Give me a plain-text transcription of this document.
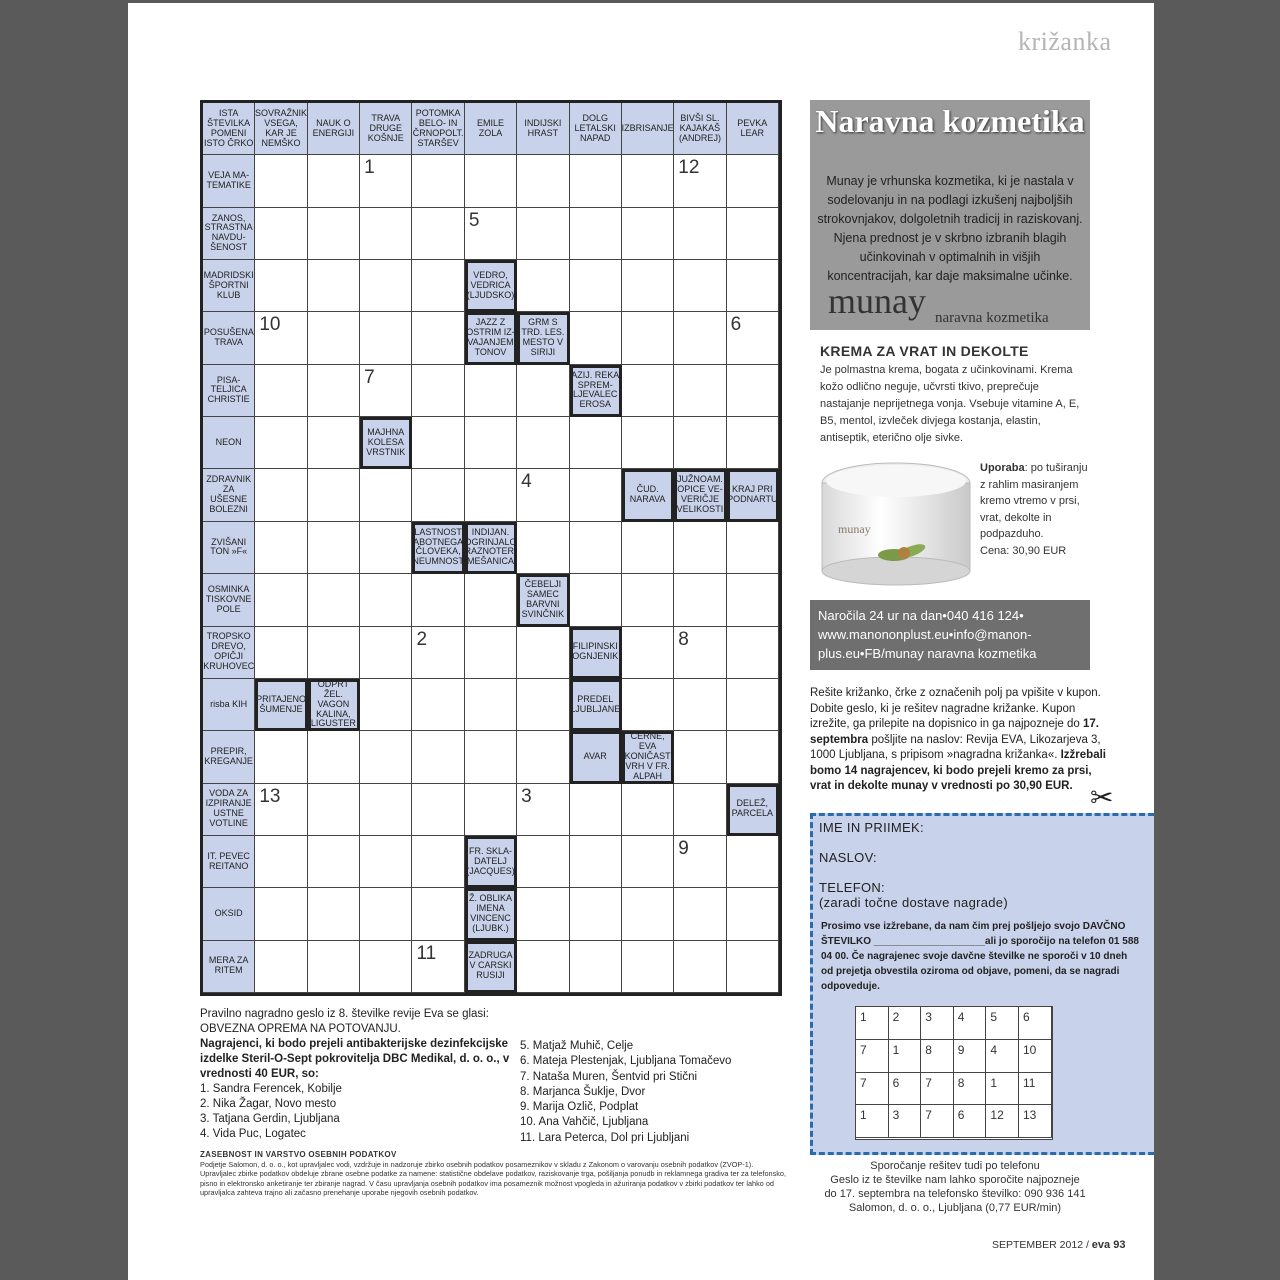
križanka
ISTA ŠTEVILKA POMENI ISTO ČRKO
SOVRAŽNIK VSEGA, KAR JE NEMŠKO
NAUK O ENERGIJI
TRAVA DRUGE KOŠNJE
POTOMKA BELO- IN ČRNOPOLT. STARŠEV
EMILE ZOLA
INDIJSKI HRAST
DOLG LETALSKI NAPAD
IZBRISANJE
BIVŠI SL. KAJAKAŠ (ANDREJ)
PEVKA LEAR
VEJA MA-TEMATIKE
1	12
ZANOS, STRASTNA NAVDU-ŠENOST
5
MADRIDSKI ŠPORTNI KLUB
VEDRO, VEDRICA (LJUDSKO)
POSUŠENA TRAVA
10	JAZZ Z OSTRIM IZ-VAJANJEM TONOV
GRM S TRD. LES. MESTO V SIRIJI
6
PISA-TELJICA CHRISTIE
7	AZIJ. REKA SPREM-LJEVALEC EROSA
NEON
MAJHNA KOLESA VRSTNIK
ZDRAVNIK ZA UŠESNE BOLEZNI
4	ČUD. NARAVA
JUŽNOAM. OPICE VE-VERIČJE VELIKOSTI
KRAJ PRI PODNARTU
ZVIŠANI TON »F«
LASTNOST ABOTNEGA ČLOVEKA, NEUMNOST
INDIJAN. OGRINJALO RAZNOTER. MEŠANICA
OSMINKA TISKOVNE POLE
ČEBELJI SAMEC BARVNI SVINČNIK
TROPSKO DREVO, OPIČJI KRUHOVEC
2	FILIPINSKI OGNJENIK
8
risba KIH PRITAJENO ŠUMENJE
ODPRT ŽEL. VAGON KALINA, LIGUSTER
PREDEL LJUBLJANE
PREPIR, KREGANJE	AVAR
ČERNE, EVA KONIČAST VRH V FR. ALPAH
VODA ZA IZPIRANJE USTNE VOTLINE
13	3	DELEŽ, PARCELA
IT. PEVEC REITANO
FR. SKLA-DATELJ (JACQUES)
9
OKSID
Ž. OBLIKA IMENA VINCENC (LJUBK.)
MERA ZA RITEM
11	ZADRUGA V CARSKI RUSIJI
Naravna kozmetika
Munay je vrhunska kozmetika, ki je nastala v sodelovanju in na podlagi izkušenj najboljših strokovnjakov, dolgoletnih tradicij in raziskovanj. Njena prednost je v skrbno izbranih blagih učinkovinah v optimalnih in višjih koncentracijah, kar daje maksimalne učinke.
munay naravna kozmetika
KREMA ZA VRAT IN DEKOLTE
Je polmastna krema, bogata z učinkovinami. Krema kožo odlično neguje, učvrsti tkivo, preprečuje nastajanje neprijetnega vonja. Vsebuje vitamine A, E, B5, mentol, izvleček divjega kostanja, elastin, antiseptik, eterično olje sivke.
munay
Uporaba: po tuširanju z rahlim masiranjem kremo vtremo v prsi, vrat, dekolte in podpazduho.
Cena: 30,90 EUR
Naročila 24 ur na dan•040 416 124•
www.manononplust.eu•info@manon-
plus.eu•FB/munay naravna kozmetika
Rešite križanko, črke z označenih polj pa vpišite v kupon. Dobite geslo, ki je rešitev nagradne križanke. Kupon izrežite, ga prilepite na dopisnico in ga najpozneje do 17. septembra pošljite na naslov: Revija EVA, Likozarjeva 3, 1000 Ljubljana, s pripisom »nagradna križanka«. Izžrebali bomo 14 nagrajencev, ki bodo prejeli kremo za prsi, vrat in dekolte munay v vrednosti po 30,90 EUR. ✂
IME IN PRIIMEK:
NASLOV:
TELEFON:
(zaradi točne dostave nagrade)
Prosimo vse izžrebane, da nam čim prej pošljejo svojo DAVČNO ŠTEVILKO ____________________ali jo sporočijo na telefon 01 588 04 00. Če nagrajenec svoje davčne številke ne sporoči v 10 dneh od prejetja obvestila oziroma od objave, pomeni, da se nagradi odpoveduje.
1	2	3	4	5	6
7	1	8	9	4	10
7	6	7	8	1	11
1	3	7	6	12	13
Sporočanje rešitev tudi po telefonu
Geslo iz te številke nam lahko sporočite najpozneje
do 17. septembra na telefonsko številko: 090 936 141
Salomon, d. o. o., Ljubljana (0,77 EUR/min)
Pravilno nagradno geslo iz 8. številke revije Eva se glasi:
OBVEZNA OPREMA NA POTOVANJU.
Nagrajenci, ki bodo prejeli antibakterijske dezinfekcijske izdelke Steril-O-Sept pokrovitelja DBC Medikal, d. o. o., v vrednosti 40 EUR, so:
1. Sandra Ferencek, Kobilje
2. Nika Žagar, Novo mesto
3. Tatjana Gerdin, Ljubljana
4. Vida Puc, Logatec
5. Matjaž Muhič, Celje
6. Mateja Plestenjak, Ljubljana Tomačevo
7. Nataša Muren, Šentvid pri Stični
8. Marjanca Šuklje, Dvor
9. Marija Ozlič, Podplat
10. Ana Vahčič, Ljubljana
11. Lara Peterca, Dol pri Ljubljani
ZASEBNOST IN VARSTVO OSEBNIH PODATKOV
Podjetje Salomon, d. o. o., kot upravljalec vodi, vzdržuje in nadzoruje zbirko osebnih podatkov posameznikov v skladu z Zakonom o varovanju osebnih podatkov (ZVOP-1). Upravljalec zbirke podatkov obdeluje zbrane osebne podatke za namene: statistične obdelave podatkov, raziskovanje trga, pošiljanja ponudb in reklamnega gradiva ter za telefonsko, pisno in elektronsko anketiranje ter zbiranje nagrad. V času upravljanja osebnih podatkov ima posameznik možnost vpogleda in ažuriranja podatkov v zbirki podatkov ter lahko od upravljalca zahteva trajno ali začasno prenehanje uporabe njegovih osebnih podatkov.
SEPTEMBER 2012 / eva 93
